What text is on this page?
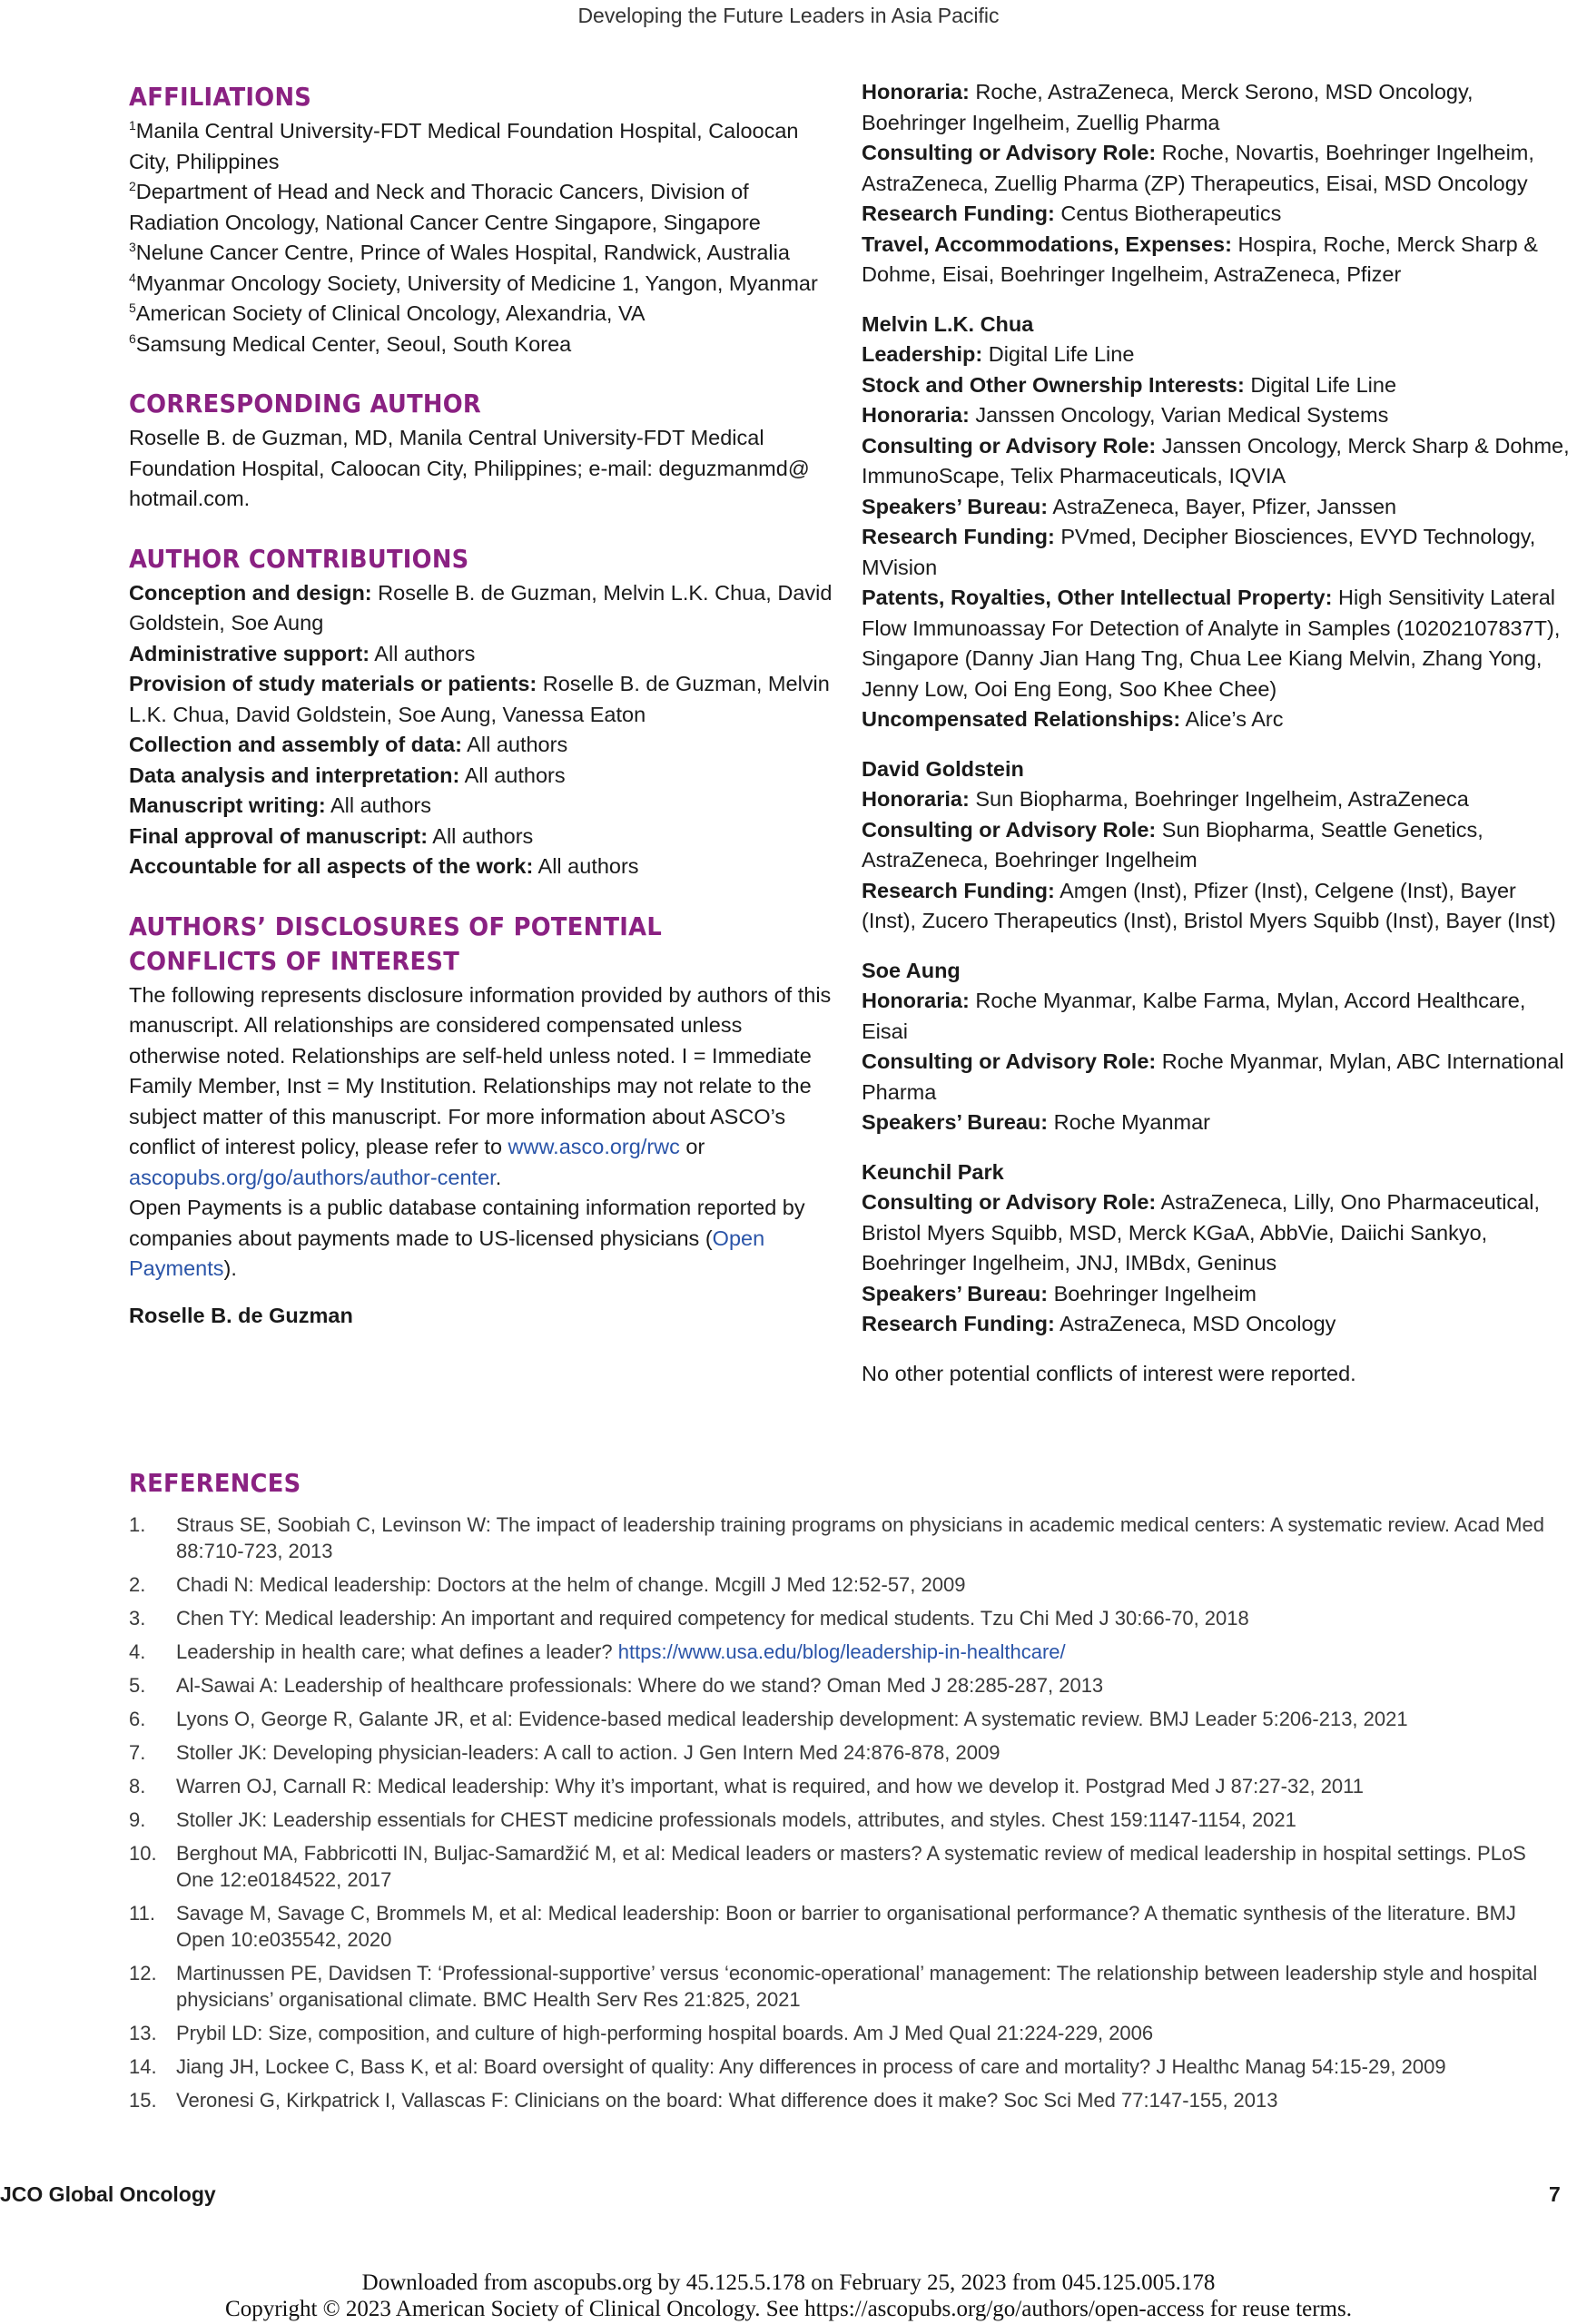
Developing the Future Leaders in Asia Pacific
AFFILIATIONS
$^1$Manila Central University-FDT Medical Foundation Hospital, Caloocan City, Philippines
$^2$Department of Head and Neck and Thoracic Cancers, Division of Radiation Oncology, National Cancer Centre Singapore, Singapore
$^3$Nelune Cancer Centre, Prince of Wales Hospital, Randwick, Australia
$^4$Myanmar Oncology Society, University of Medicine 1, Yangon, Myanmar
$^5$American Society of Clinical Oncology, Alexandria, VA
$^6$Samsung Medical Center, Seoul, South Korea
CORRESPONDING AUTHOR

Roselle B. de Guzman, MD, Manila Central University-FDT Medical Foundation Hospital, Caloocan City, Philippines; e-mail: deguzmanmd@ hotmail.com.

AUTHOR CONTRIBUTIONS
Conception and design: Roselle B. de Guzman, Melvin L.K. Chua, David Goldstein, Soe Aung
Administrative support: All authors
Provision of study materials or patients: Roselle B. de Guzman, Melvin L.K. Chua, David Goldstein, Soe Aung, Vanessa Eaton
Collection and assembly of data: All authors
Data analysis and interpretation: All authors
Manuscript writing: All authors
Final approval of manuscript: All authors
Accountable for all aspects of the work: All authors
AUTHORS’ DISCLOSURES OF POTENTIAL CONFLICTS OF INTEREST

The following represents disclosure information provided by authors of this manuscript. All relationships are considered compensated unless otherwise noted. Relationships are self-held unless noted. I = Immediate Family Member, Inst = My Institution. Relationships may not relate to the subject matter of this manuscript. For more information about ASCO’s conflict of interest policy, please refer to www.asco.org/rwc or ascopubs.org/go/authors/author-center.

Open Payments is a public database containing information reported by companies about payments made to US-licensed physicians (Open Payments).

Roselle B. de Guzman
Honoraria: Roche, AstraZeneca, Merck Serono, MSD Oncology, Boehringer Ingelheim, Zuellig Pharma
Consulting or Advisory Role: Roche, Novartis, Boehringer Ingelheim, AstraZeneca, Zuellig Pharma (ZP) Therapeutics, Eisai, MSD Oncology
Research Funding: Centus Biotherapeutics
Travel, Accommodations, Expenses: Hospira, Roche, Merck Sharp & Dohme, Eisai, Boehringer Ingelheim, AstraZeneca, Pfizer
Melvin L.K. Chua
Leadership: Digital Life Line
Stock and Other Ownership Interests: Digital Life Line
Honoraria: Janssen Oncology, Varian Medical Systems
Consulting or Advisory Role: Janssen Oncology, Merck Sharp & Dohme, ImmunoScape, Telix Pharmaceuticals, IQVIA
Speakers’ Bureau: AstraZeneca, Bayer, Pfizer, Janssen
Research Funding: PVmed, Decipher Biosciences, EVYD Technology, MVision
Patents, Royalties, Other Intellectual Property: High Sensitivity Lateral Flow Immunoassay For Detection of Analyte in Samples (10202107837T), Singapore (Danny Jian Hang Tng, Chua Lee Kiang Melvin, Zhang Yong, Jenny Low, Ooi Eng Eong, Soo Khee Chee)
Uncompensated Relationships: Alice’s Arc
David Goldstein
Honoraria: Sun Biopharma, Boehringer Ingelheim, AstraZeneca
Consulting or Advisory Role: Sun Biopharma, Seattle Genetics, AstraZeneca, Boehringer Ingelheim
Research Funding: Amgen (Inst), Pfizer (Inst), Celgene (Inst), Bayer (Inst), Zucero Therapeutics (Inst), Bristol Myers Squibb (Inst), Bayer (Inst)
Soe Aung
Honoraria: Roche Myanmar, Kalbe Farma, Mylan, Accord Healthcare, Eisai
Consulting or Advisory Role: Roche Myanmar, Mylan, ABC International Pharma
Speakers’ Bureau: Roche Myanmar
Keunchil Park
Consulting or Advisory Role: AstraZeneca, Lilly, Ono Pharmaceutical, Bristol Myers Squibb, MSD, Merck KGaA, AbbVie, Daiichi Sankyo, Boehringer Ingelheim, JNJ, IMBdx, Geninus
Speakers’ Bureau: Boehringer Ingelheim
Research Funding: AstraZeneca, MSD Oncology

No other potential conflicts of interest were reported.

REFERENCES
1.	Straus SE, Soobiah C, Levinson W: The impact of leadership training programs on physicians in academic medical centers: A systematic review. Acad Med 88:710-723, 2013
2.	Chadi N: Medical leadership: Doctors at the helm of change. Mcgill J Med 12:52-57, 2009
3.	Chen TY: Medical leadership: An important and required competency for medical students. Tzu Chi Med J 30:66-70, 2018
4.	Leadership in health care; what defines a leader? https://www.usa.edu/blog/leadership-in-healthcare/
5.	Al-Sawai A: Leadership of healthcare professionals: Where do we stand? Oman Med J 28:285-287, 2013
6.	Lyons O, George R, Galante JR, et al: Evidence-based medical leadership development: A systematic review. BMJ Leader 5:206-213, 2021
7.	Stoller JK: Developing physician-leaders: A call to action. J Gen Intern Med 24:876-878, 2009
8.	Warren OJ, Carnall R: Medical leadership: Why it’s important, what is required, and how we develop it. Postgrad Med J 87:27-32, 2011
9.	Stoller JK: Leadership essentials for CHEST medicine professionals models, attributes, and styles. Chest 159:1147-1154, 2021
10. Berghout MA, Fabbricotti IN, Buljac-Samardžić M, et al: Medical leaders or masters? A systematic review of medical leadership in hospital settings. PLoS One 12:e0184522, 2017
11.	Savage M, Savage C, Brommels M, et al: Medical leadership: Boon or barrier to organisational performance? A thematic synthesis of the literature. BMJ Open 10:e035542, 2020
12. Martinussen PE, Davidsen T: ‘Professional-supportive’ versus ‘economic-operational’ management: The relationship between leadership style and hospital physicians’ organisational climate. BMC Health Serv Res 21:825, 2021
13. Prybil LD: Size, composition, and culture of high-performing hospital boards. Am J Med Qual 21:224-229, 2006
14. Jiang JH, Lockee C, Bass K, et al: Board oversight of quality: Any differences in process of care and mortality? J Healthc Manag 54:15-29, 2009
15. Veronesi G, Kirkpatrick I, Vallascas F: Clinicians on the board: What difference does it make? Soc Sci Med 77:147-155, 2013
JCO Global Oncology	7
Downloaded from ascopubs.org by 45.125.5.178 on February 25, 2023 from 045.125.005.178
Copyright © 2023 American Society of Clinical Oncology. See https://ascopubs.org/go/authors/open-access for reuse terms.
